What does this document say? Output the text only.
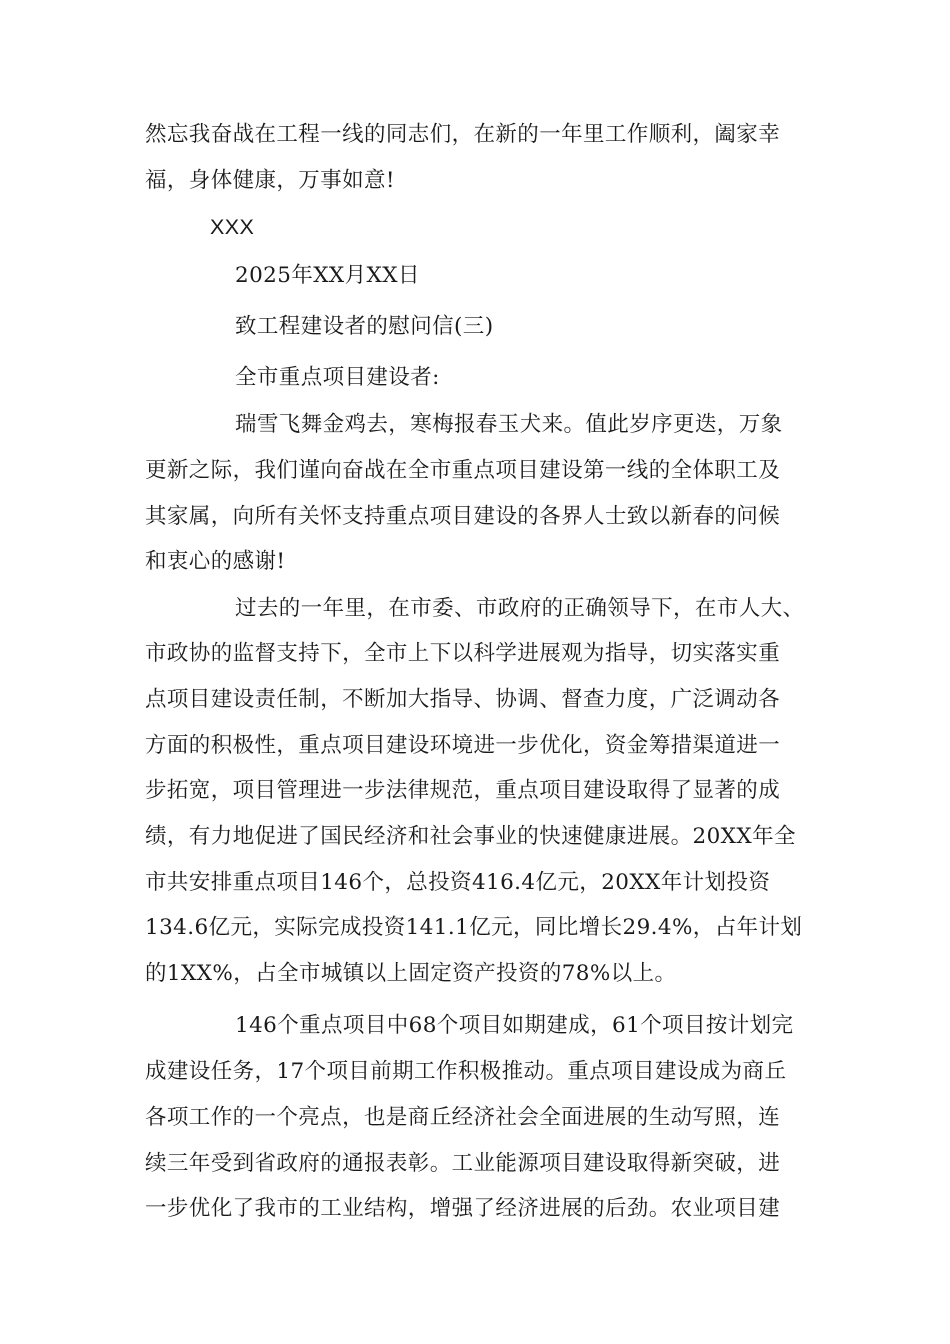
然忘我奋战在工程一线的同志们，在新的一年里工作顺利，阖家幸
福，身体健康，万事如意!
XXX
2025年XX月XX日
致工程建设者的慰问信(三)
全市重点项目建设者:
瑞雪飞舞金鸡去，寒梅报春玉犬来。值此岁序更迭，万象
更新之际，我们谨向奋战在全市重点项目建设第一线的全体职工及
其家属，向所有关怀支持重点项目建设的各界人士致以新春的问候
和衷心的感谢!
过去的一年里，在市委、市政府的正确领导下，在市人大、
市政协的监督支持下，全市上下以科学进展观为指导，切实落实重
点项目建设责任制，不断加大指导、协调、督查力度，广泛调动各
方面的积极性，重点项目建设环境进一步优化，资金筹措渠道进一
步拓宽，项目管理进一步法律规范，重点项目建设取得了显著的成
绩，有力地促进了国民经济和社会事业的快速健康进展。20XX年全
市共安排重点项目146个，总投资416.4亿元，20XX年计划投资
134.6亿元，实际完成投资141.1亿元，同比增长29.4%，占年计划
的1XX%，占全市城镇以上固定资产投资的78%以上。
146个重点项目中68个项目如期建成，61个项目按计划完
成建设任务，17个项目前期工作积极推动。重点项目建设成为商丘
各项工作的一个亮点，也是商丘经济社会全面进展的生动写照，连
续三年受到省政府的通报表彰。工业能源项目建设取得新突破，进
一步优化了我市的工业结构，增强了经济进展的后劲。农业项目建
